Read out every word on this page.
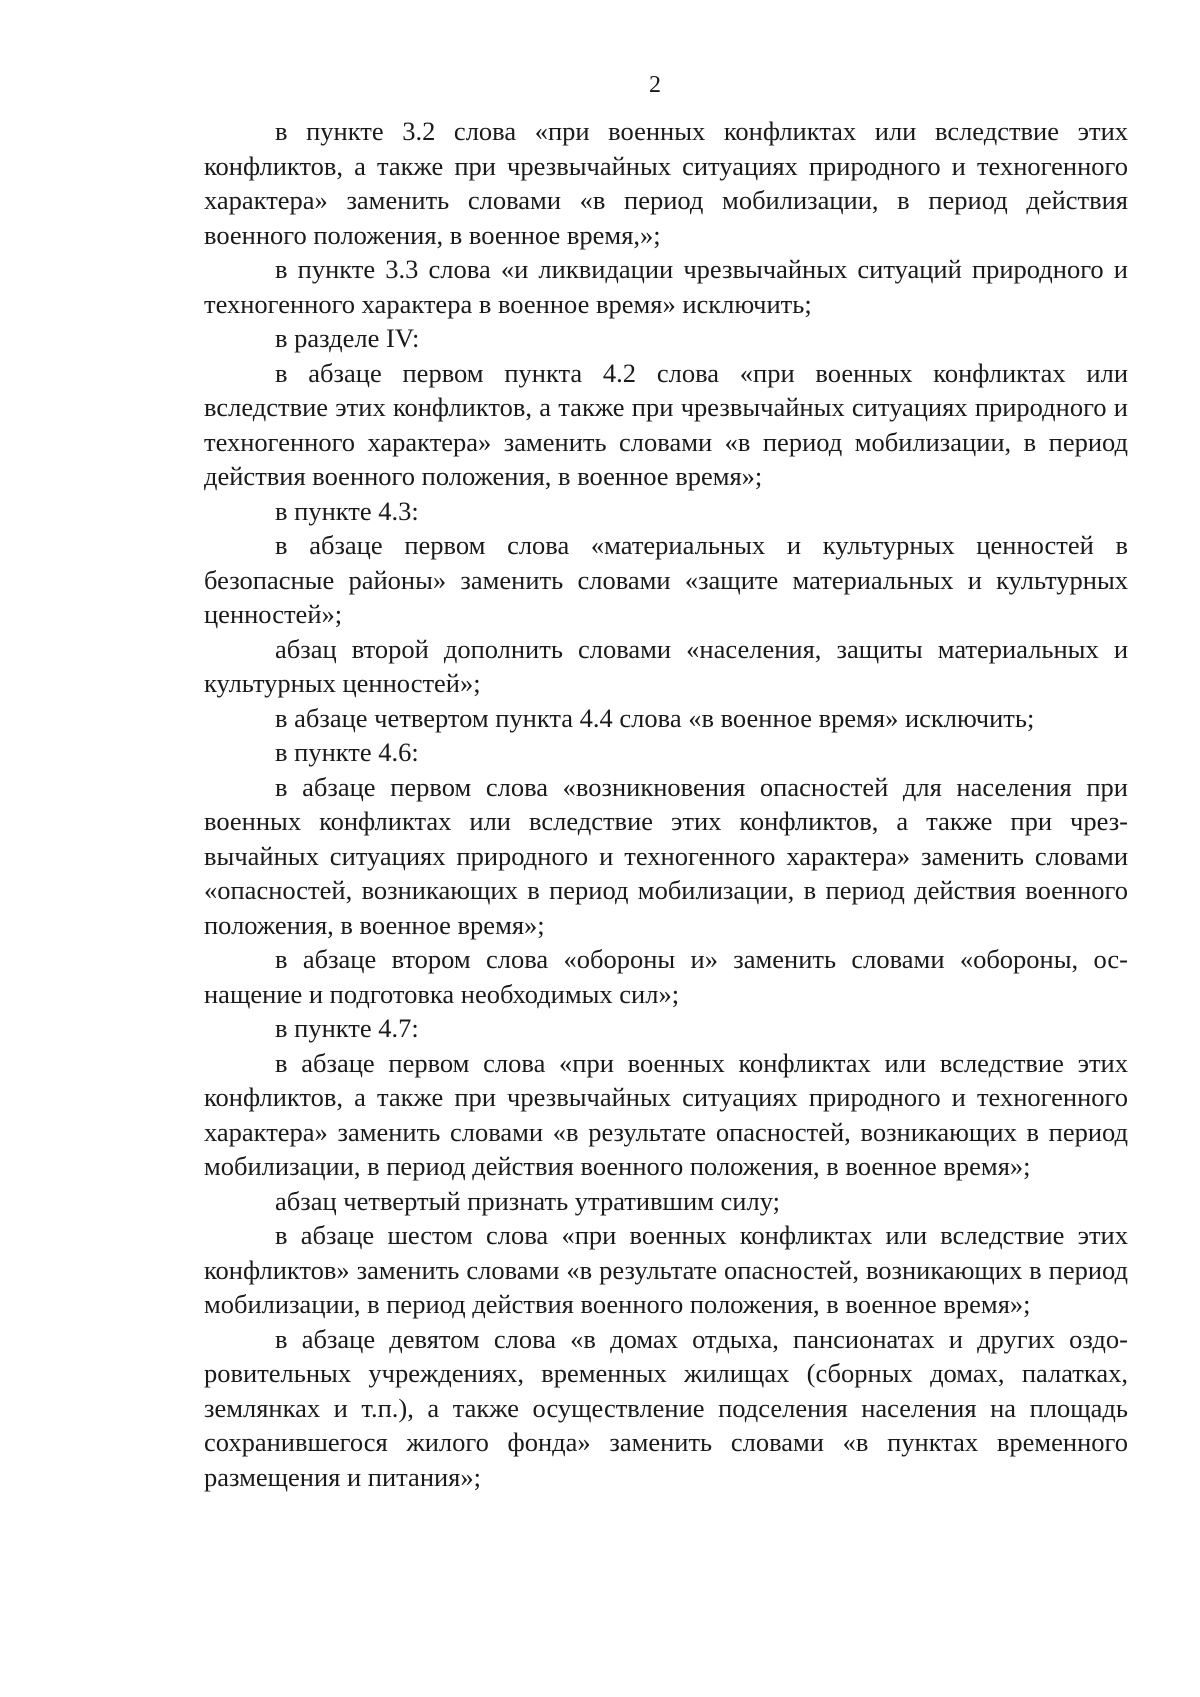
2

в пункте 3.2 слова «при военных конфликтах или вследствие этих конфликтов, а также при чрезвычайных ситуациях природного и техногенного характера» заменить словами «в период мобилизации, в период действия военного положения, в военное время,»;

в пункте 3.3 слова «и ликвидации чрезвычайных ситуаций природного и техногенного характера в военное время» исключить;

в разделе IV:

в абзаце первом пункта 4.2 слова «при военных конфликтах или вследствие этих конфликтов, а также при чрезвычайных ситуациях природного и техногенного характера» заменить словами «в период мобилизации, в период действия военного положения, в военное время»;

в пункте 4.3:

в абзаце первом слова «материальных и культурных ценностей в безопасные районы» заменить словами «защите материальных и культурных ценностей»;

абзац второй дополнить словами «населения, защиты материальных и культурных ценностей»;

в абзаце четвертом пункта 4.4 слова «в военное время» исключить;

в пункте 4.6:

в абзаце первом слова «возникновения опасностей для населения при военных конфликтах или вследствие этих конфликтов, а также при чрезвычайных ситуациях природного и техногенного характера» заменить словами «опасностей, возникающих в период мобилизации, в период действия военного положения, в военное время»;

в абзаце втором слова «обороны и» заменить словами «обороны, оснащение и подготовка необходимых сил»;

в пункте 4.7:

в абзаце первом слова «при военных конфликтах или вследствие этих конфликтов, а также при чрезвычайных ситуациях природного и техногенного характера» заменить словами «в результате опасностей, возникающих в период мобилизации, в период действия военного положения, в военное время»;

абзац четвертый признать утратившим силу;

в абзаце шестом слова «при военных конфликтах или вследствие этих конфликтов» заменить словами «в результате опасностей, возникающих в период мобилизации, в период действия военного положения, в военное время»;

в абзаце девятом слова «в домах отдыха, пансионатах и других оздоровительных учреждениях, временных жилищах (сборных домах, палатках, землянках и т.п.), а также осуществление подселения населения на площадь сохранившегося жилого фонда» заменить словами «в пунктах временного размещения и питания»;
